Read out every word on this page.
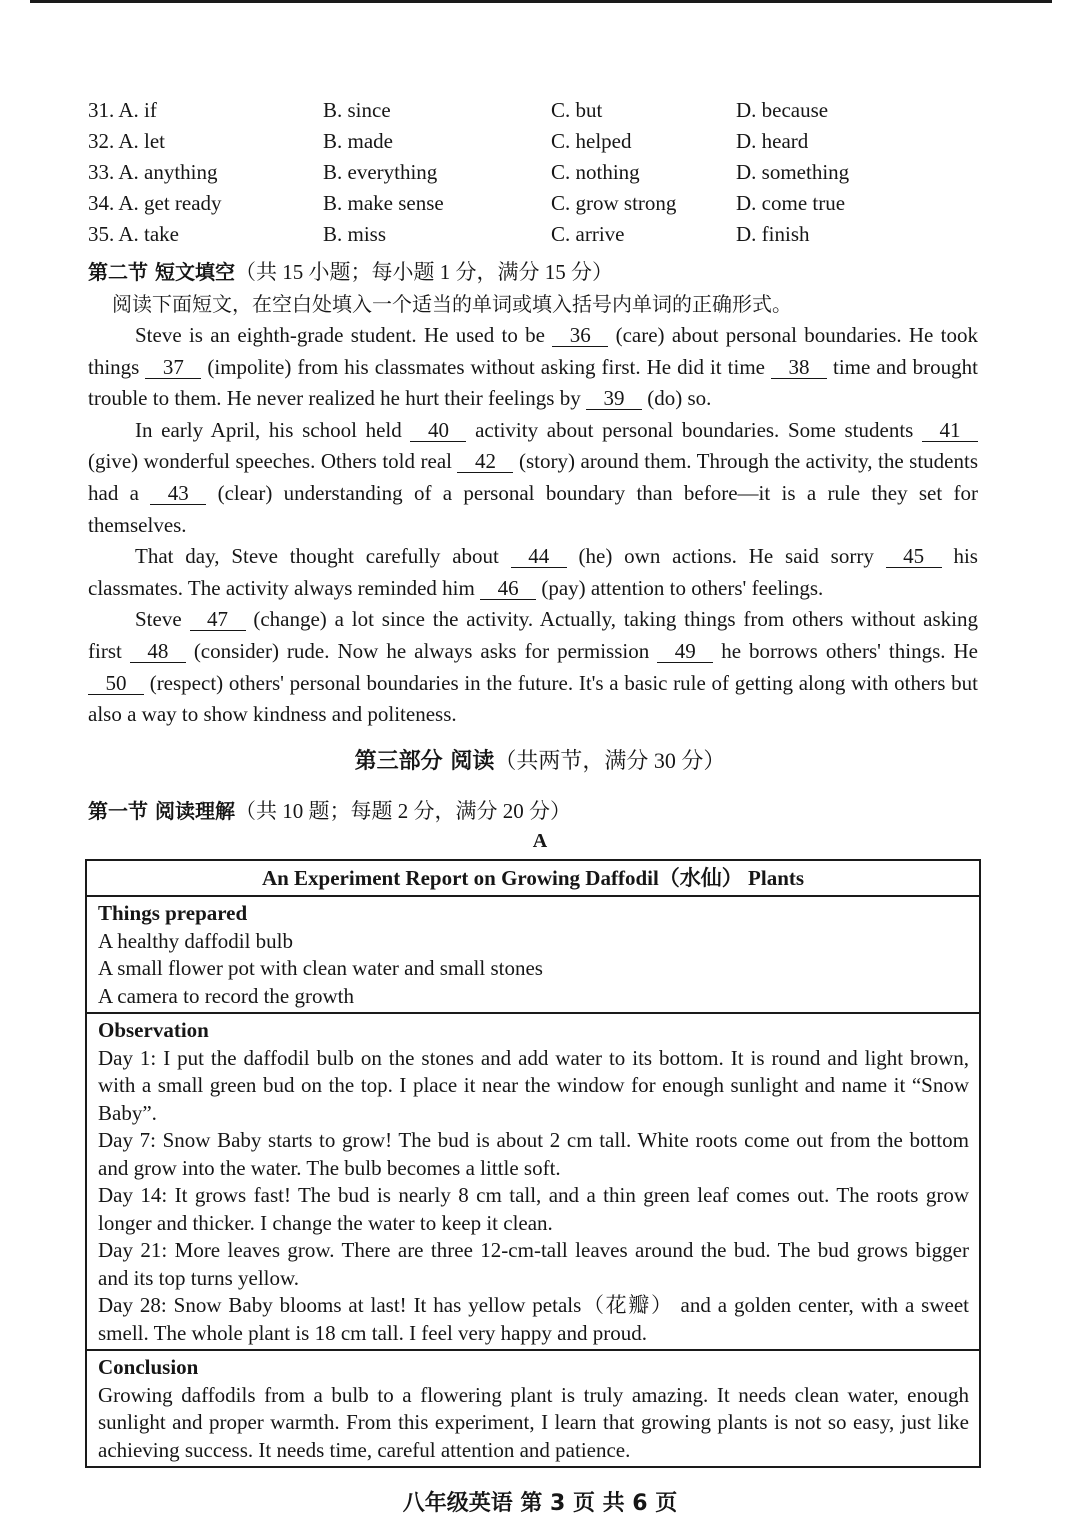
31. A. if	B. since	C. but	D. because
32. A. let	B. made	C. helped	D. heard
33. A. anything	B. everything	C. nothing	D. something
34. A. get ready	B. make sense	C. grow strong	D. come true
35. A. take	B. miss	C. arrive	D. finish
第二节 短文填空（共 15 小题；每小题 1 分，满分 15 分）
阅读下面短文，在空白处填入一个适当的单词或填入括号内单词的正确形式。

Steve is an eighth-grade student. He used to be 36 (care) about personal boundaries. He took things 37 (impolite) from his classmates without asking first. He did it time 38 time and brought trouble to them. He never realized he hurt their feelings by 39 (do) so.

In early April, his school held 40 activity about personal boundaries. Some students 41 (give) wonderful speeches. Others told real 42 (story) around them. Through the activity, the students had a 43 (clear) understanding of a personal boundary than before—it is a rule they set for themselves.

That day, Steve thought carefully about 44 (he) own actions. He said sorry 45 his classmates. The activity always reminded him 46 (pay) attention to others' feelings.

Steve 47 (change) a lot since the activity. Actually, taking things from others without asking first 48 (consider) rude. Now he always asks for permission 49 he borrows others' things. He 50 (respect) others' personal boundaries in the future. It's a basic rule of getting along with others but also a way to show kindness and politeness.

第三部分 阅读（共两节，满分 30 分）
第一节 阅读理解（共 10 题；每题 2 分，满分 20 分）
A
An Experiment Report on Growing Daffodil（水仙） Plants
Things prepared
A healthy daffodil bulb
A small flower pot with clean water and small stones
A camera to record the growth
Observation
Day 1: I put the daffodil bulb on the stones and add water to its bottom. It is round and light brown, with a small green bud on the top. I place it near the window for enough sunlight and name it “Snow Baby”.
Day 7: Snow Baby starts to grow! The bud is about 2 cm tall. White roots come out from the bottom and grow into the water. The bulb becomes a little soft.
Day 14: It grows fast! The bud is nearly 8 cm tall, and a thin green leaf comes out. The roots grow longer and thicker. I change the water to keep it clean.
Day 21: More leaves grow. There are three 12-cm-tall leaves around the bud. The bud grows bigger and its top turns yellow.
Day 28: Snow Baby blooms at last! It has yellow petals（花瓣） and a golden center, with a sweet smell. The whole plant is 18 cm tall. I feel very happy and proud.
Conclusion
Growing daffodils from a bulb to a flowering plant is truly amazing. It needs clean water, enough sunlight and proper warmth. From this experiment, I learn that growing plants is not so easy, just like achieving success. It needs time, careful attention and patience.
八年级英语 第 3 页 共 6 页
